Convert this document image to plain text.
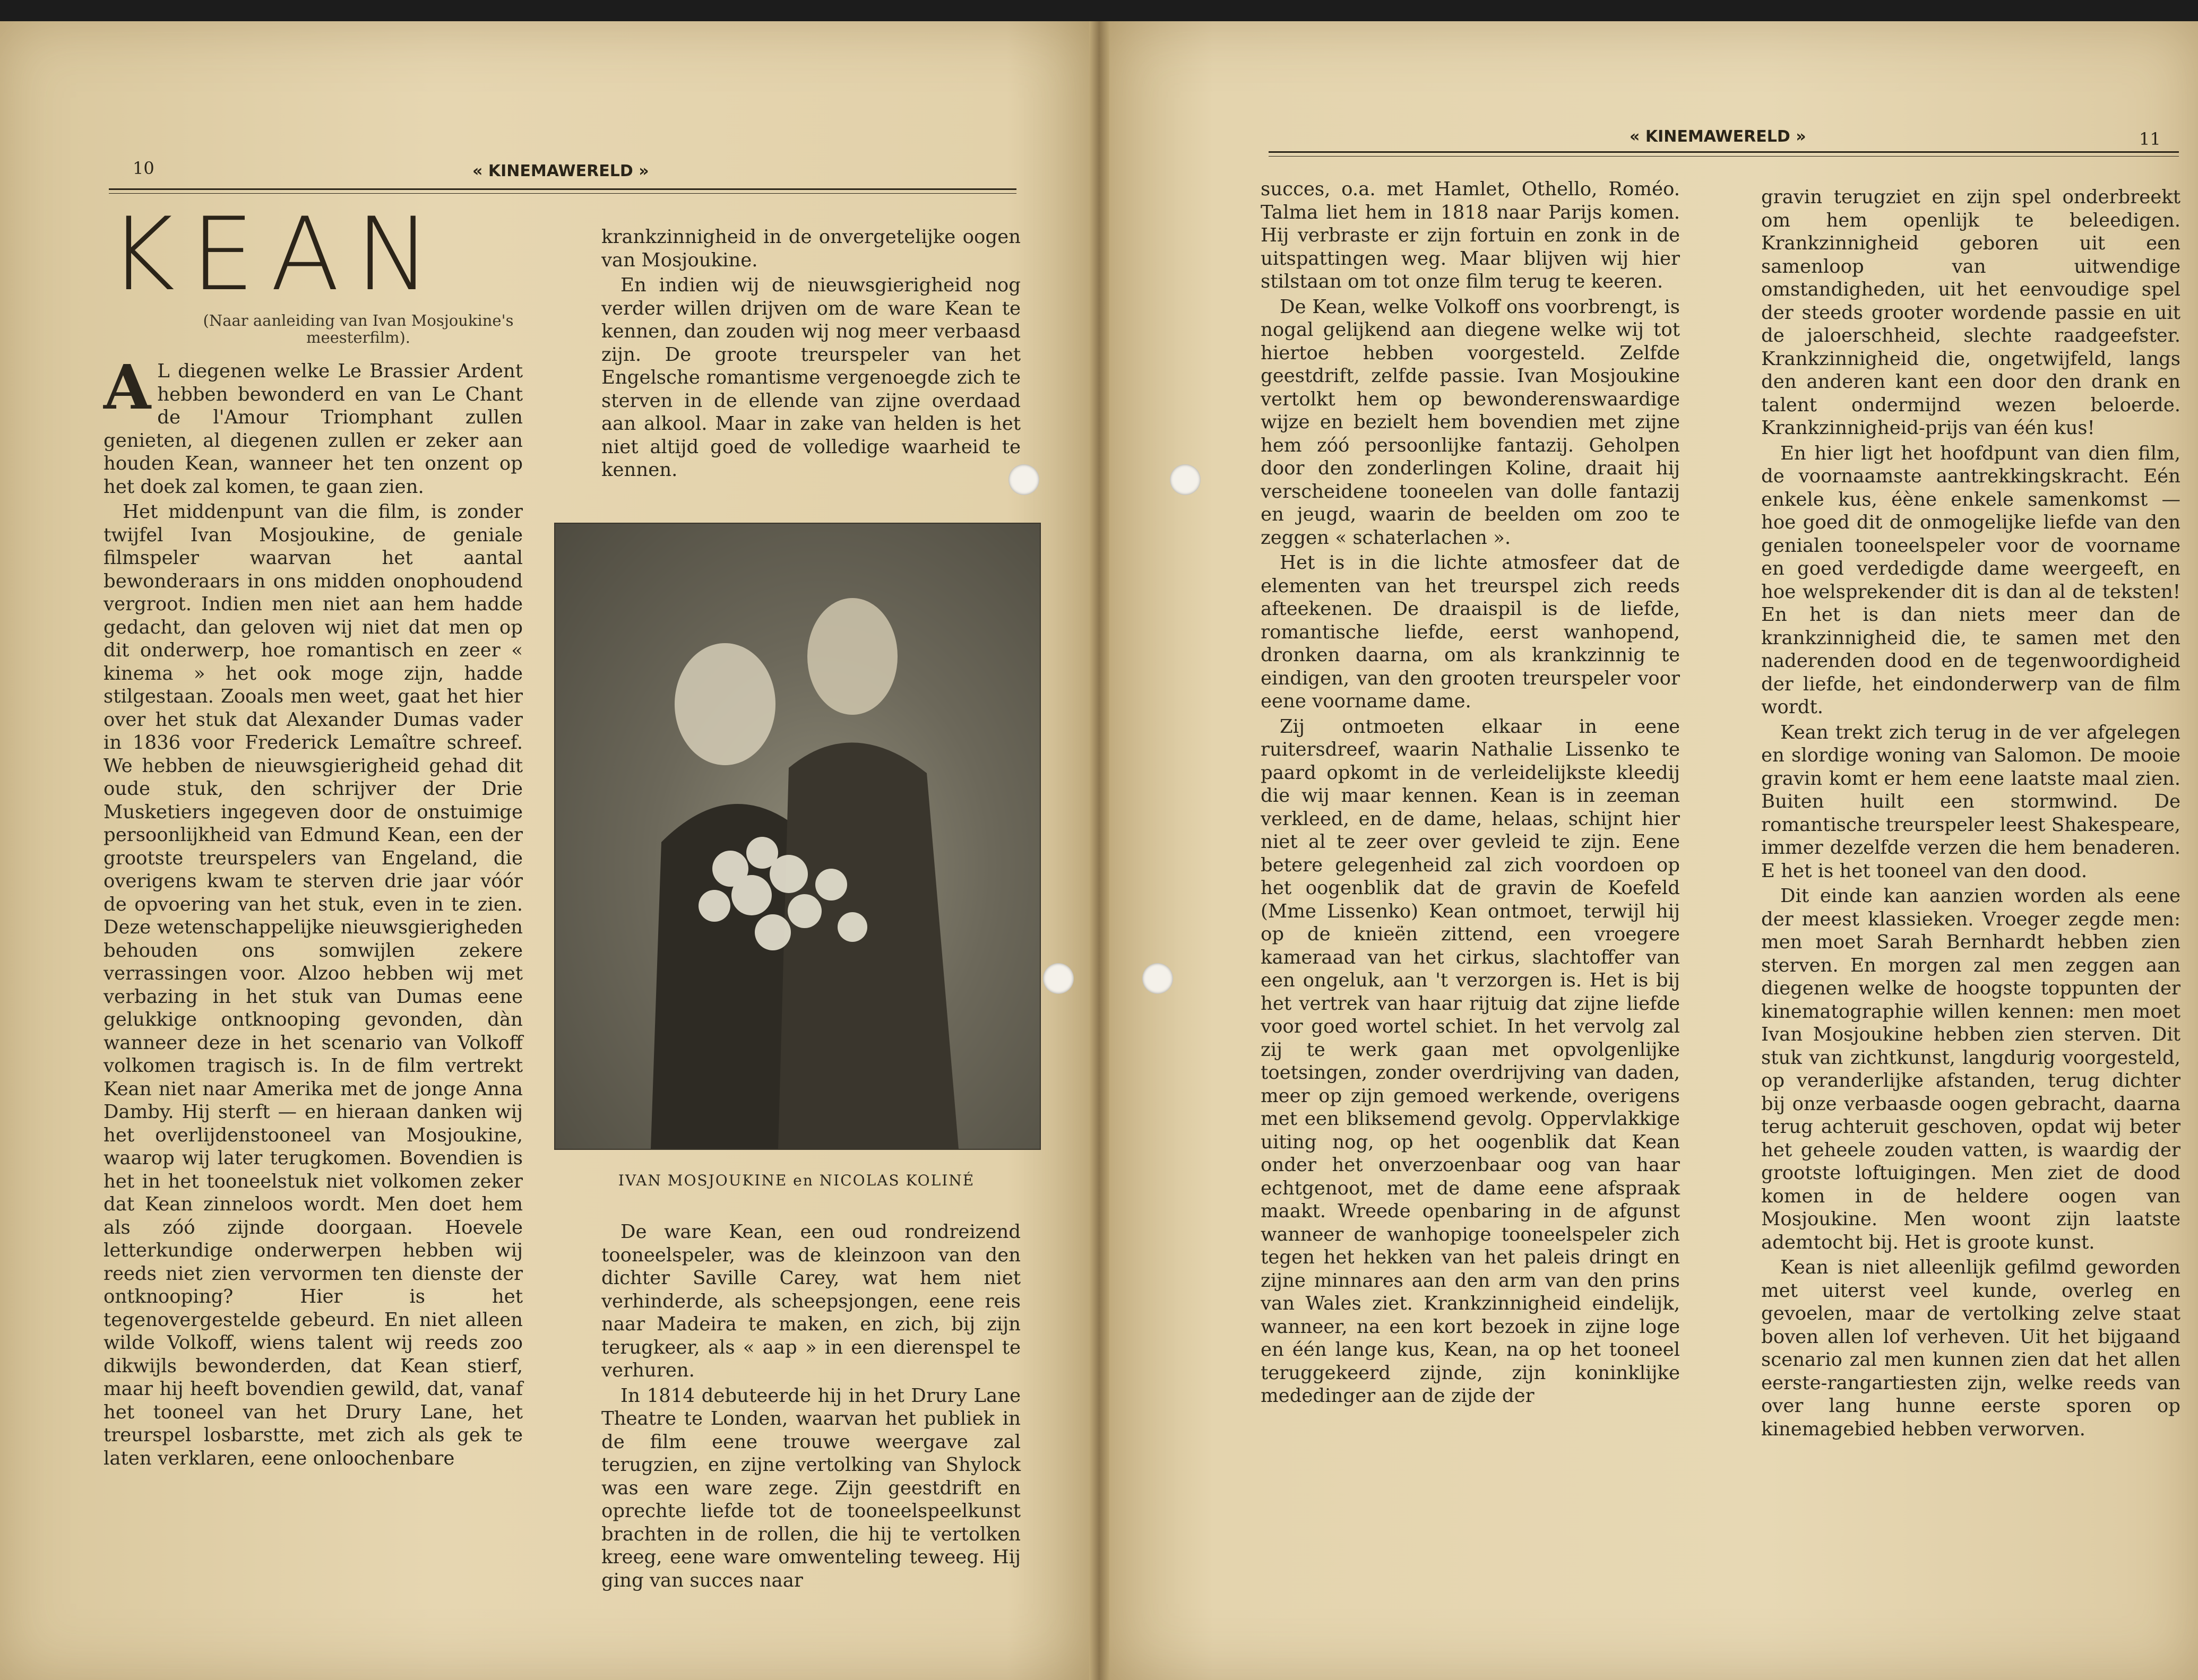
10	« KINEMAWERELD »
KEAN
(Naar aanleiding van Ivan Mosjoukine's meesterfilm).

A L diegenen welke Le Brassier Ardent hebben bewonderd en van Le Chant de l'Amour Triomphant zullen genieten, al diegenen zullen er zeker aan houden Kean, wanneer het ten onzent op het doek zal komen, te gaan zien.

Het middenpunt van die film, is zonder twijfel Ivan Mosjoukine, de geniale filmspeler waarvan het aantal bewonderaars in ons midden onophoudend vergroot. Indien men niet aan hem hadde gedacht, dan geloven wij niet dat men op dit onderwerp, hoe romantisch en zeer « kinema » het ook moge zijn, hadde stilgestaan. Zooals men weet, gaat het hier over het stuk dat Alexander Dumas vader in 1836 voor Frederick Lemaître schreef. We hebben de nieuwsgierigheid gehad dit oude stuk, den schrijver der Drie Musketiers ingegeven door de onstuimige persoonlijkheid van Edmund Kean, een der grootste treurspelers van Engeland, die overigens kwam te sterven drie jaar vóór de opvoering van het stuk, even in te zien. Deze wetenschappelijke nieuwsgierigheden behouden ons somwijlen zekere verrassingen voor. Alzoo hebben wij met verbazing in het stuk van Dumas eene gelukkige ontknooping gevonden, dàn wanneer deze in het scenario van Volkoff volkomen tragisch is. In de film vertrekt Kean niet naar Amerika met de jonge Anna Damby. Hij sterft — en hieraan danken wij het overlijdenstooneel van Mosjoukine, waarop wij later terugkomen. Bovendien is het in het tooneelstuk niet volkomen zeker dat Kean zinneloos wordt. Men doet hem als zóó zijnde doorgaan. Hoevele letterkundige onderwerpen hebben wij reeds niet zien vervormen ten dienste der ontknooping? Hier is het tegenovergestelde gebeurd. En niet alleen wilde Volkoff, wiens talent wij reeds zoo dikwijls bewonderden, dat Kean stierf, maar hij heeft bovendien gewild, dat, vanaf het tooneel van het Drury Lane, het treurspel losbarstte, met zich als gek te laten verklaren, eene onloochenbare

krankzinnigheid in de onvergetelijke oogen van Mosjoukine.

En indien wij de nieuwsgierigheid nog verder willen drijven om de ware Kean te kennen, dan zouden wij nog meer verbaasd zijn. De groote treurspeler van het Engelsche romantisme vergenoegde zich te sterven in de ellende van zijne overdaad aan alkool. Maar in zake van helden is het niet altijd goed de volledige waarheid te kennen.

IVAN MOSJOUKINE en NICOLAS KOLINÉ

De ware Kean, een oud rondreizend tooneelspeler, was de kleinzoon van den dichter Saville Carey, wat hem niet verhinderde, als scheepsjongen, eene reis naar Madeira te maken, en zich, bij zijn terugkeer, als « aap » in een dierenspel te verhuren.

In 1814 debuteerde hij in het Drury Lane Theatre te Londen, waarvan het publiek in de film eene trouwe weergave zal terugzien, en zijne vertolking van Shylock was een ware zege. Zijn geestdrift en oprechte liefde tot de tooneelspeelkunst brachten in de rollen, die hij te vertolken kreeg, eene ware omwenteling teweeg. Hij ging van succes naar

« KINEMAWERELD »	11

succes, o.a. met Hamlet, Othello, Roméo. Talma liet hem in 1818 naar Parijs komen. Hij verbraste er zijn fortuin en zonk in de uitspattingen weg. Maar blijven wij hier stilstaan om tot onze film terug te keeren.

De Kean, welke Volkoff ons voorbrengt, is nogal gelijkend aan diegene welke wij tot hiertoe hebben voorgesteld. Zelfde geestdrift, zelfde passie. Ivan Mosjoukine vertolkt hem op bewonderenswaardige wijze en bezielt hem bovendien met zijne hem zóó persoonlijke fantazij. Geholpen door den zonderlingen Koline, draait hij verscheidene tooneelen van dolle fantazij en jeugd, waarin de beelden om zoo te zeggen « schaterlachen ».

Het is in die lichte atmosfeer dat de elementen van het treurspel zich reeds afteekenen. De draaispil is de liefde, romantische liefde, eerst wanhopend, dronken daarna, om als krankzinnig te eindigen, van den grooten treurspeler voor eene voorname dame.

Zij ontmoeten elkaar in eene ruitersdreef, waarin Nathalie Lissenko te paard opkomt in de verleidelijkste kleedij die wij maar kennen. Kean is in zeeman verkleed, en de dame, helaas, schijnt hier niet al te zeer over gevleid te zijn. Eene betere gelegenheid zal zich voordoen op het oogenblik dat de gravin de Koefeld (Mme Lissenko) Kean ontmoet, terwijl hij op de knieën zittend, een vroegere kameraad van het cirkus, slachtoffer van een ongeluk, aan 't verzorgen is. Het is bij het vertrek van haar rijtuig dat zijne liefde voor goed wortel schiet. In het vervolg zal zij te werk gaan met opvolgenlijke toetsingen, zonder overdrijving van daden, meer op zijn gemoed werkende, overigens met een bliksemend gevolg. Oppervlakkige uiting nog, op het oogenblik dat Kean onder het onverzoenbaar oog van haar echtgenoot, met de dame eene afspraak maakt. Wreede openbaring in de afgunst wanneer de wanhopige tooneelspeler zich tegen het hekken van het paleis dringt en zijne minnares aan den arm van den prins van Wales ziet. Krankzinnigheid eindelijk, wanneer, na een kort bezoek in zijne loge en één lange kus, Kean, na op het tooneel teruggekeerd zijnde, zijn koninklijke mededinger aan de zijde der

gravin terugziet en zijn spel onderbreekt om hem openlijk te beleedigen. Krankzinnigheid geboren uit een samenloop van uitwendige omstandigheden, uit het eenvoudige spel der steeds grooter wordende passie en uit de jaloerschheid, slechte raadgeefster. Krankzinnigheid die, ongetwijfeld, langs den anderen kant een door den drank en talent ondermijnd wezen beloerde. Krankzinnigheid-prijs van één kus!

En hier ligt het hoofdpunt van dien film, de voornaamste aantrekkingskracht. Eén enkele kus, éène enkele samenkomst — hoe goed dit de onmogelijke liefde van den genialen tooneelspeler voor de voorname en goed verdedigde dame weergeeft, en hoe welsprekender dit is dan al de teksten! En het is dan niets meer dan de krankzinnigheid die, te samen met den naderenden dood en de tegenwoordigheid der liefde, het eindonderwerp van de film wordt.

Kean trekt zich terug in de ver afgelegen en slordige woning van Salomon. De mooie gravin komt er hem eene laatste maal zien. Buiten huilt een stormwind. De romantische treurspeler leest Shakespeare, immer dezelfde verzen die hem benaderen. E het is het tooneel van den dood.

Dit einde kan aanzien worden als eene der meest klassieken. Vroeger zegde men: men moet Sarah Bernhardt hebben zien sterven. En morgen zal men zeggen aan diegenen welke de hoogste toppunten der kinematographie willen kennen: men moet Ivan Mosjoukine hebben zien sterven. Dit stuk van zichtkunst, langdurig voorgesteld, op veranderlijke afstanden, terug dichter bij onze verbaasde oogen gebracht, daarna terug achteruit geschoven, opdat wij beter het geheele zouden vatten, is waardig der grootste loftuigingen. Men ziet de dood komen in de heldere oogen van Mosjoukine. Men woont zijn laatste ademtocht bij. Het is groote kunst.

Kean is niet alleenlijk gefilmd geworden met uiterst veel kunde, overleg en gevoelen, maar de vertolking zelve staat boven allen lof verheven. Uit het bijgaand scenario zal men kunnen zien dat het allen eerste-rangartiesten zijn, welke reeds van over lang hunne eerste sporen op kinemagebied hebben verworven.
